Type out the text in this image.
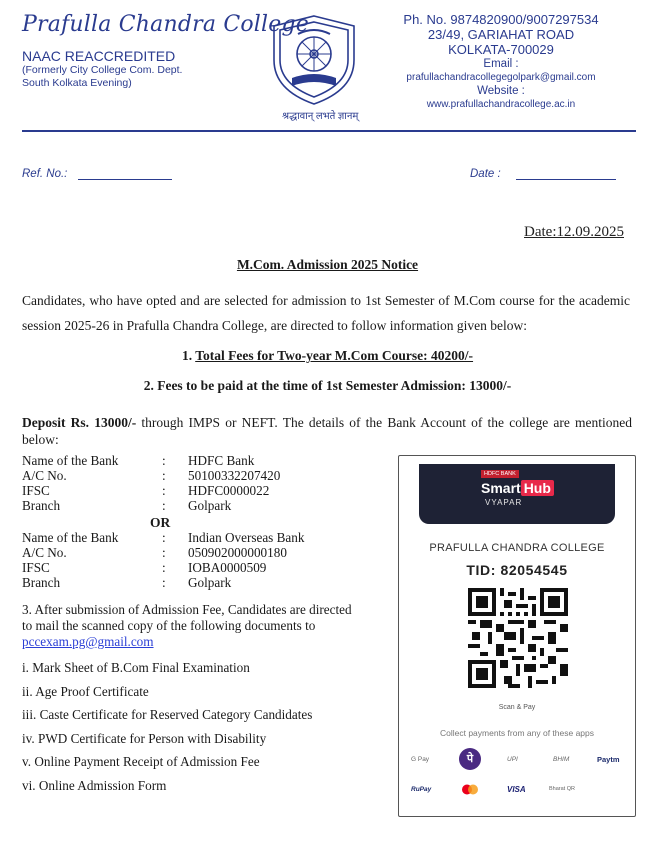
Prafulla Chandra College
NAAC REACCREDITED
(Formerly City College Com. Dept.
South Kolkata Evening)
श्रद्धावान् लभते ज्ञानम्
Ph. No. 9874820900/9007297534
23/49, GARIAHAT ROAD
KOLKATA-700029
Email :
prafullachandracollegegolpark@gmail.com
Website :
www.prafullachandracollege.ac.in
Ref. No.:	Date :
Date:12.09.2025
M.Com. Admission 2025 Notice
Candidates, who have opted and are selected for admission to 1st Semester of M.Com course for the academic session 2025-26 in Prafulla Chandra College, are directed to follow information given below:
1. Total Fees for Two-year M.Com Course: 40200/-
2. Fees to be paid at the time of 1st Semester Admission: 13000/-
Deposit Rs. 13000/- through IMPS or NEFT. The details of the Bank Account of the college are mentioned below:
Name of the Bank	:	HDFC Bank
A/C No.	:	50100332207420
IFSC	:	HDFC0000022
Branch	:	Golpark
OR
Name of the Bank	:	Indian Overseas Bank
A/C No.	:	050902000000180
IFSC	:	IOBA0000509
Branch	:	Golpark
3. After submission of Admission Fee, Candidates are directed to mail the scanned copy of the following documents to pccexam.pg@gmail.com

i. Mark Sheet of B.Com Final Examination

ii. Age Proof Certificate

iii. Caste Certificate for Reserved Category Candidates

iv. PWD Certificate for Person with Disability

v. Online Payment Receipt of Admission Fee

vi. Online Admission Form

HDFC BANK
Smart Hub
VYAPAR
PRAFULLA CHANDRA COLLEGE
TID: 82054545
Scan & Pay
Collect payments from any of these apps
G Pay	पे	UPI	BHIM	Paytm
RuPay	VISA	Bharat QR
